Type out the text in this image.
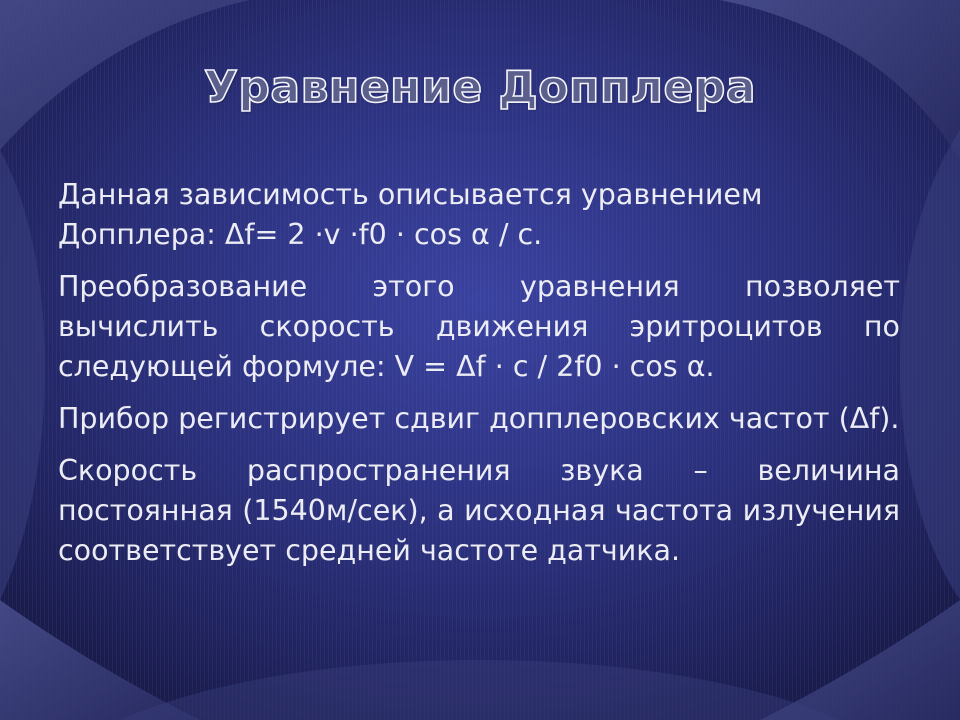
Уравнение Допплера

Данная зависимость описывается уравнением Допплера: Δf= 2 ·v ·f0 · cos α / с.

Преобразование этого уравнения позволяет вычислить скорость движения эритроцитов по следующей формуле: V = Δf · с / 2f0 · cos α.

Прибор регистрирует сдвиг допплеровских частот (Δf).

Скорость распространения звука – величина постоянная (1540м/сек), а исходная частота излучения соответствует средней частоте датчика.
